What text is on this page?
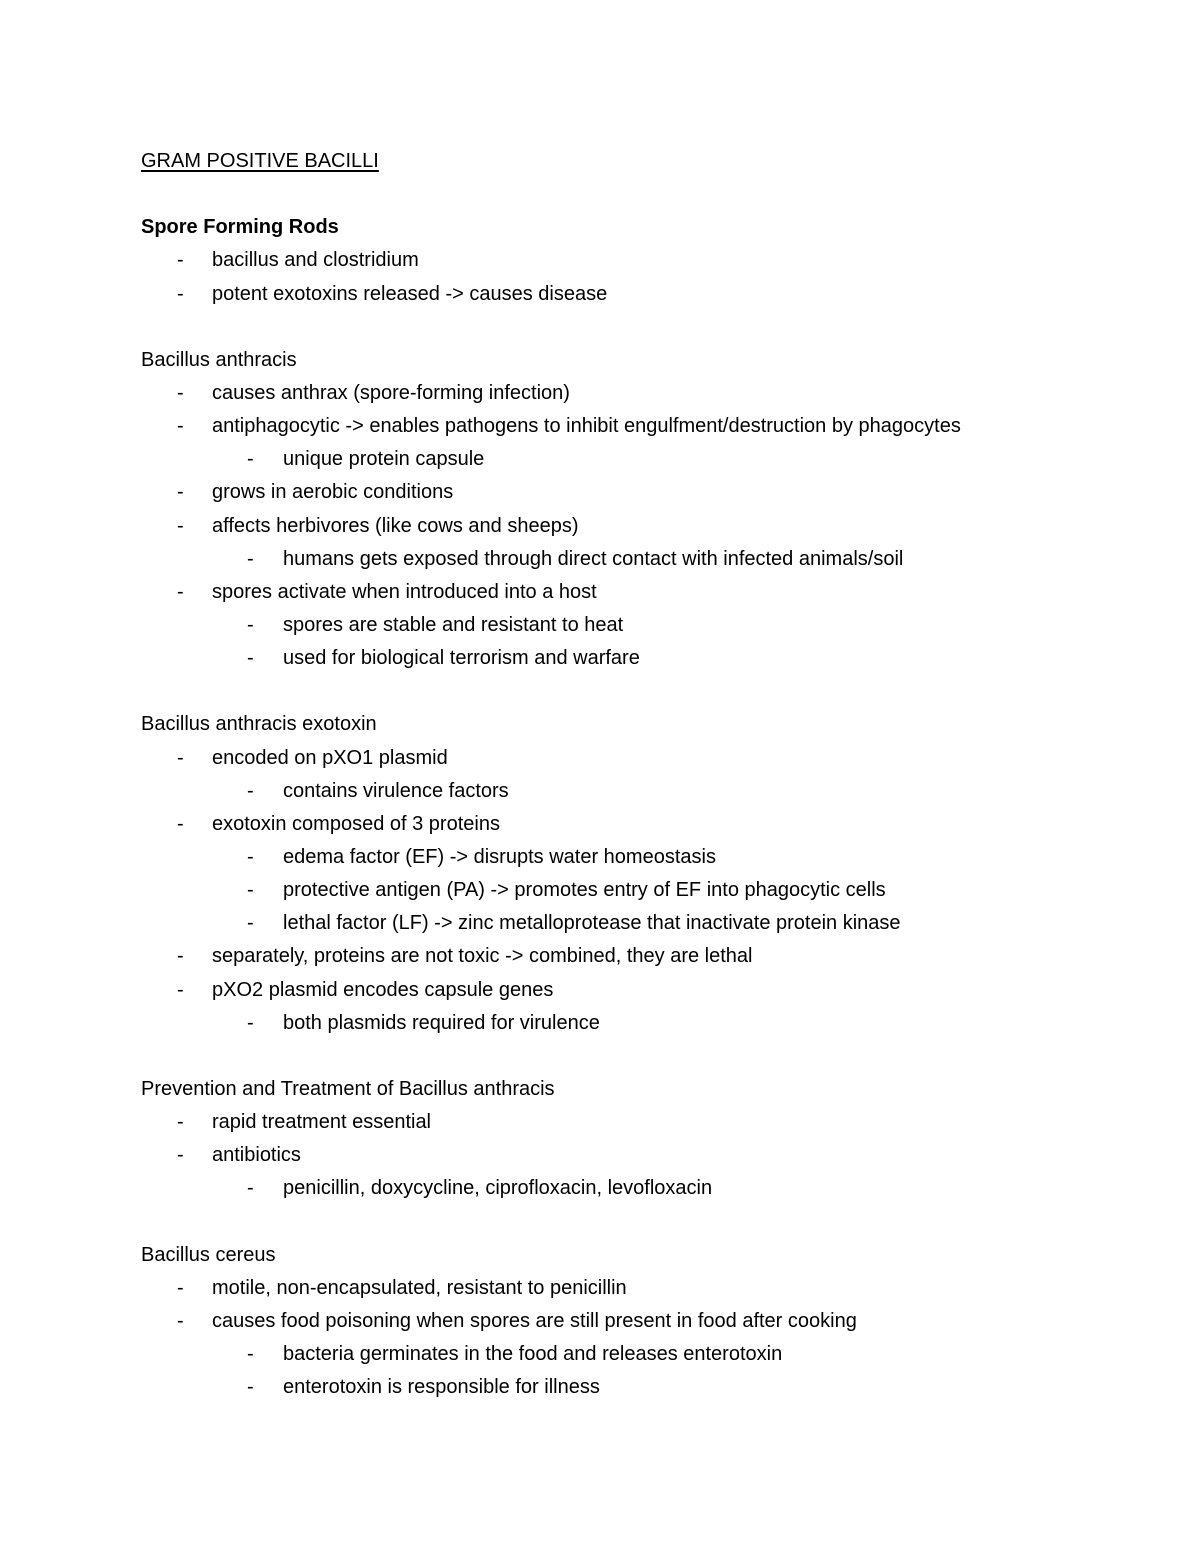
GRAM POSITIVE BACILLI
Spore Forming Rods
- bacillus and clostridium
- potent exotoxins released -> causes disease
Bacillus anthracis
- causes anthrax (spore-forming infection)
- antiphagocytic -> enables pathogens to inhibit engulfment/destruction by phagocytes
- unique protein capsule
- grows in aerobic conditions
- affects herbivores (like cows and sheeps)
- humans gets exposed through direct contact with infected animals/soil
- spores activate when introduced into a host
- spores are stable and resistant to heat
- used for biological terrorism and warfare
Bacillus anthracis exotoxin
- encoded on pXO1 plasmid
- contains virulence factors
- exotoxin composed of 3 proteins
- edema factor (EF) -> disrupts water homeostasis
- protective antigen (PA) -> promotes entry of EF into phagocytic cells
- lethal factor (LF) -> zinc metalloprotease that inactivate protein kinase
- separately, proteins are not toxic -> combined, they are lethal
- pXO2 plasmid encodes capsule genes
- both plasmids required for virulence
Prevention and Treatment of Bacillus anthracis
- rapid treatment essential
- antibiotics
- penicillin, doxycycline, ciprofloxacin, levofloxacin
Bacillus cereus
- motile, non-encapsulated, resistant to penicillin
- causes food poisoning when spores are still present in food after cooking
- bacteria germinates in the food and releases enterotoxin
- enterotoxin is responsible for illness
